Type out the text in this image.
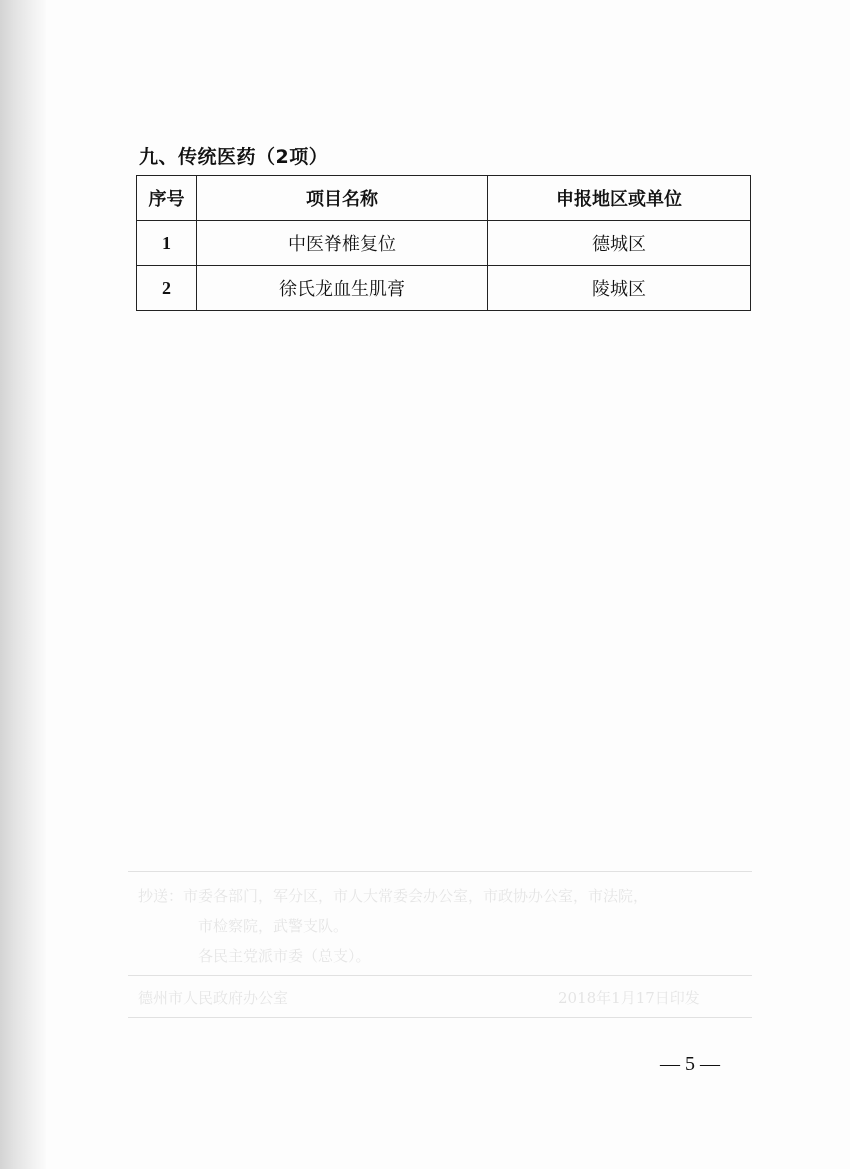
九、传统医药（2项）
序号	项目名称	申报地区或单位
1	中医脊椎复位	德城区
2	徐氏龙血生肌膏	陵城区
抄送：市委各部门，军分区，市人大常委会办公室，市政协办公室，市法院，
市检察院，武警支队。
各民主党派市委（总支）。
德州市人民政府办公室	2018年1月17日印发
— 5 —
